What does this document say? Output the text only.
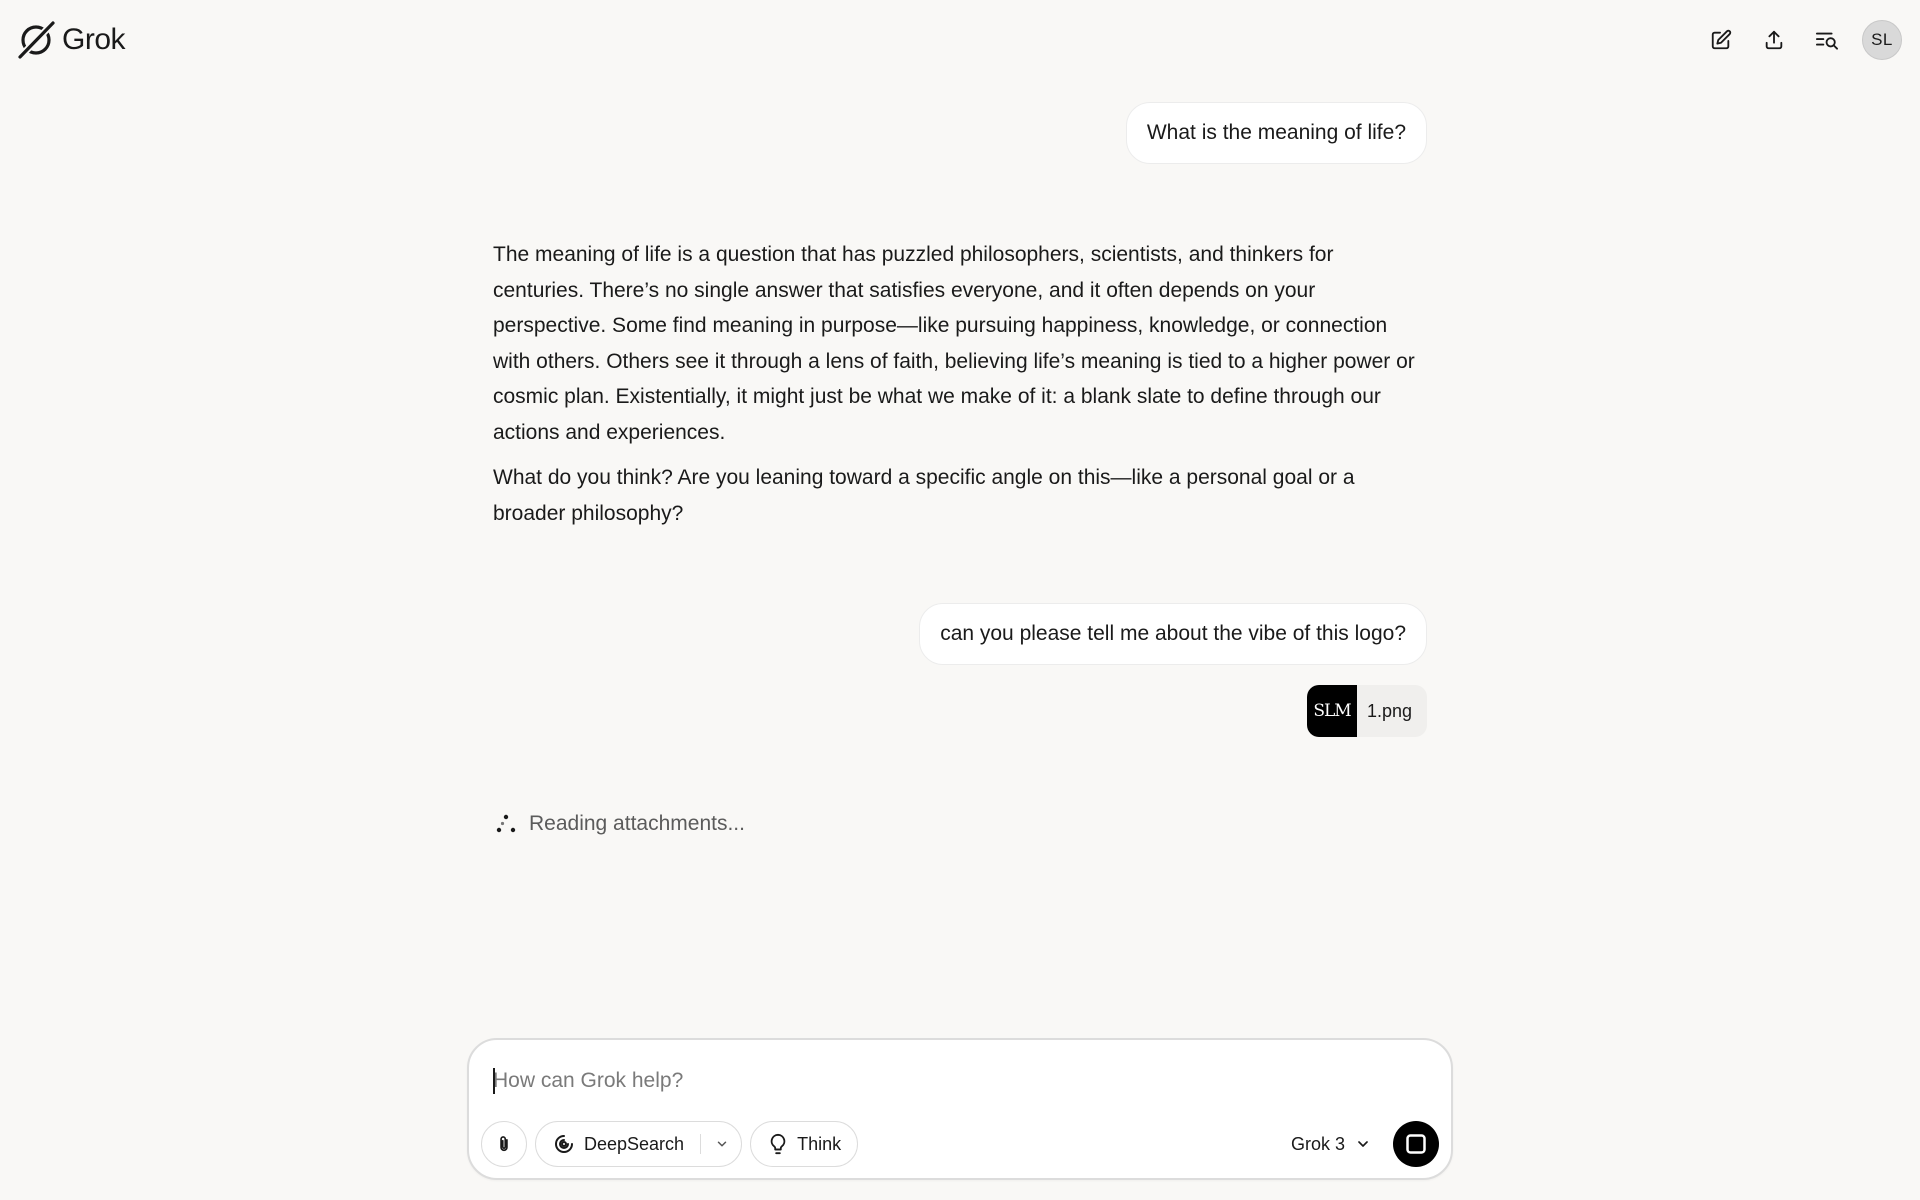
Grok	SL
What is the meaning of life?

The meaning of life is a question that has puzzled philosophers, scientists, and thinkers for centuries. There’s no single answer that satisfies everyone, and it often depends on your perspective. Some find meaning in purpose—like pursuing happiness, knowledge, or connection with others. Others see it through a lens of faith, believing life’s meaning is tied to a higher power or cosmic plan. Existentially, it might just be what we make of it: a blank slate to define through our actions and experiences.

What do you think? Are you leaning toward a specific angle on this—like a personal goal or a broader philosophy?

can you please tell me about the vibe of this logo?
SLM 1.png
Reading attachments...
How can Grok help?
DeepSearch	Think	Grok 3
